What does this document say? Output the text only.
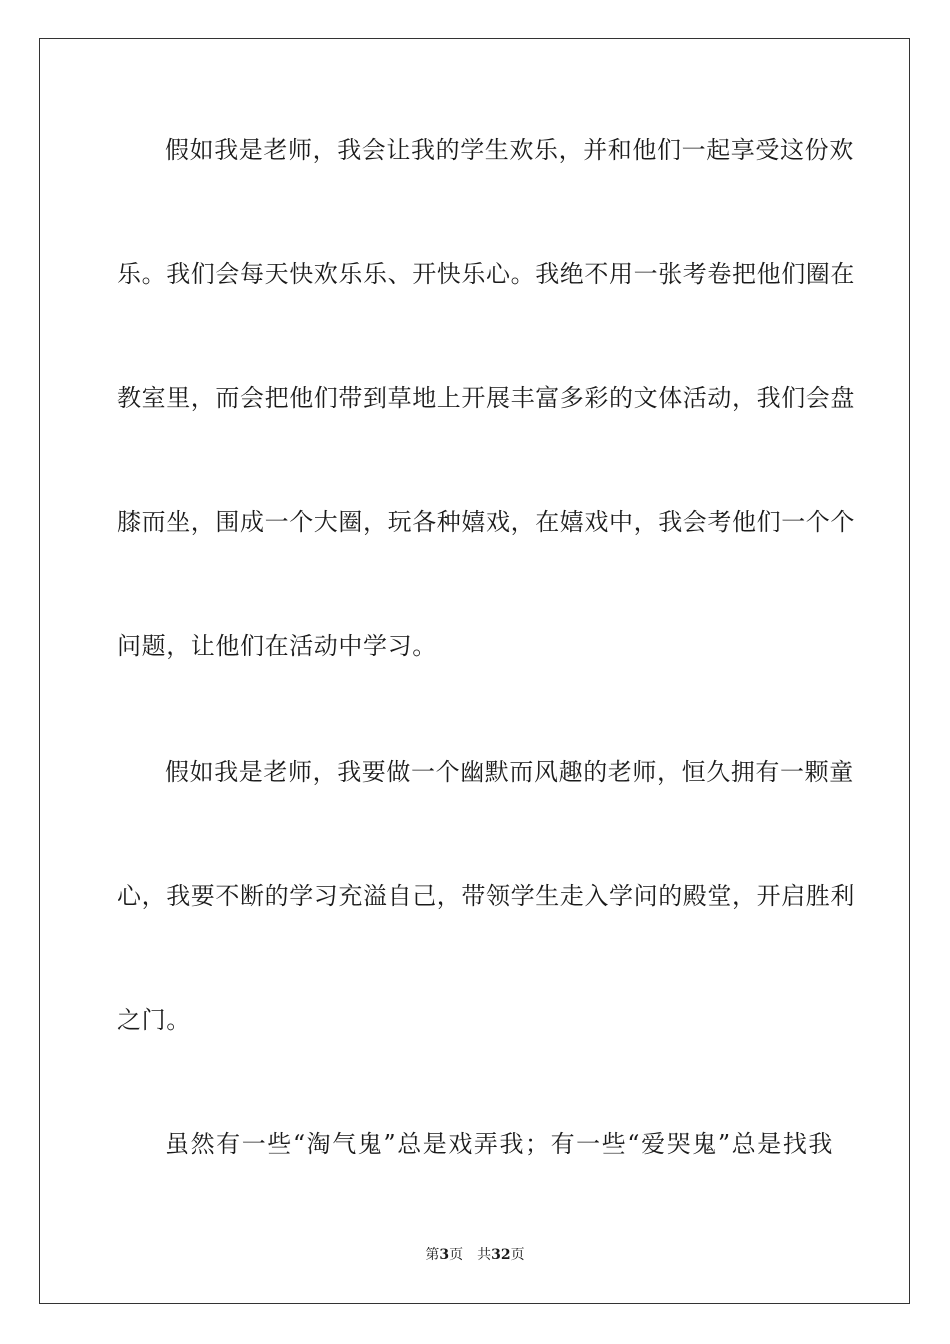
假如我是老师，我会让我的学生欢乐，并和他们一起享受这份欢
乐。我们会每天快欢乐乐、开快乐心。我绝不用一张考卷把他们圈在
教室里，而会把他们带到草地上开展丰富多彩的文体活动，我们会盘
膝而坐，围成一个大圈，玩各种嬉戏，在嬉戏中，我会考他们一个个
问题，让他们在活动中学习。
假如我是老师，我要做一个幽默而风趣的老师，恒久拥有一颗童
心，我要不断的学习充溢自己，带领学生走入学问的殿堂，开启胜利
之门。
虽然有一些“淘气鬼”总是戏弄我；有一些“爱哭鬼”总是找我
第3页 共32页
